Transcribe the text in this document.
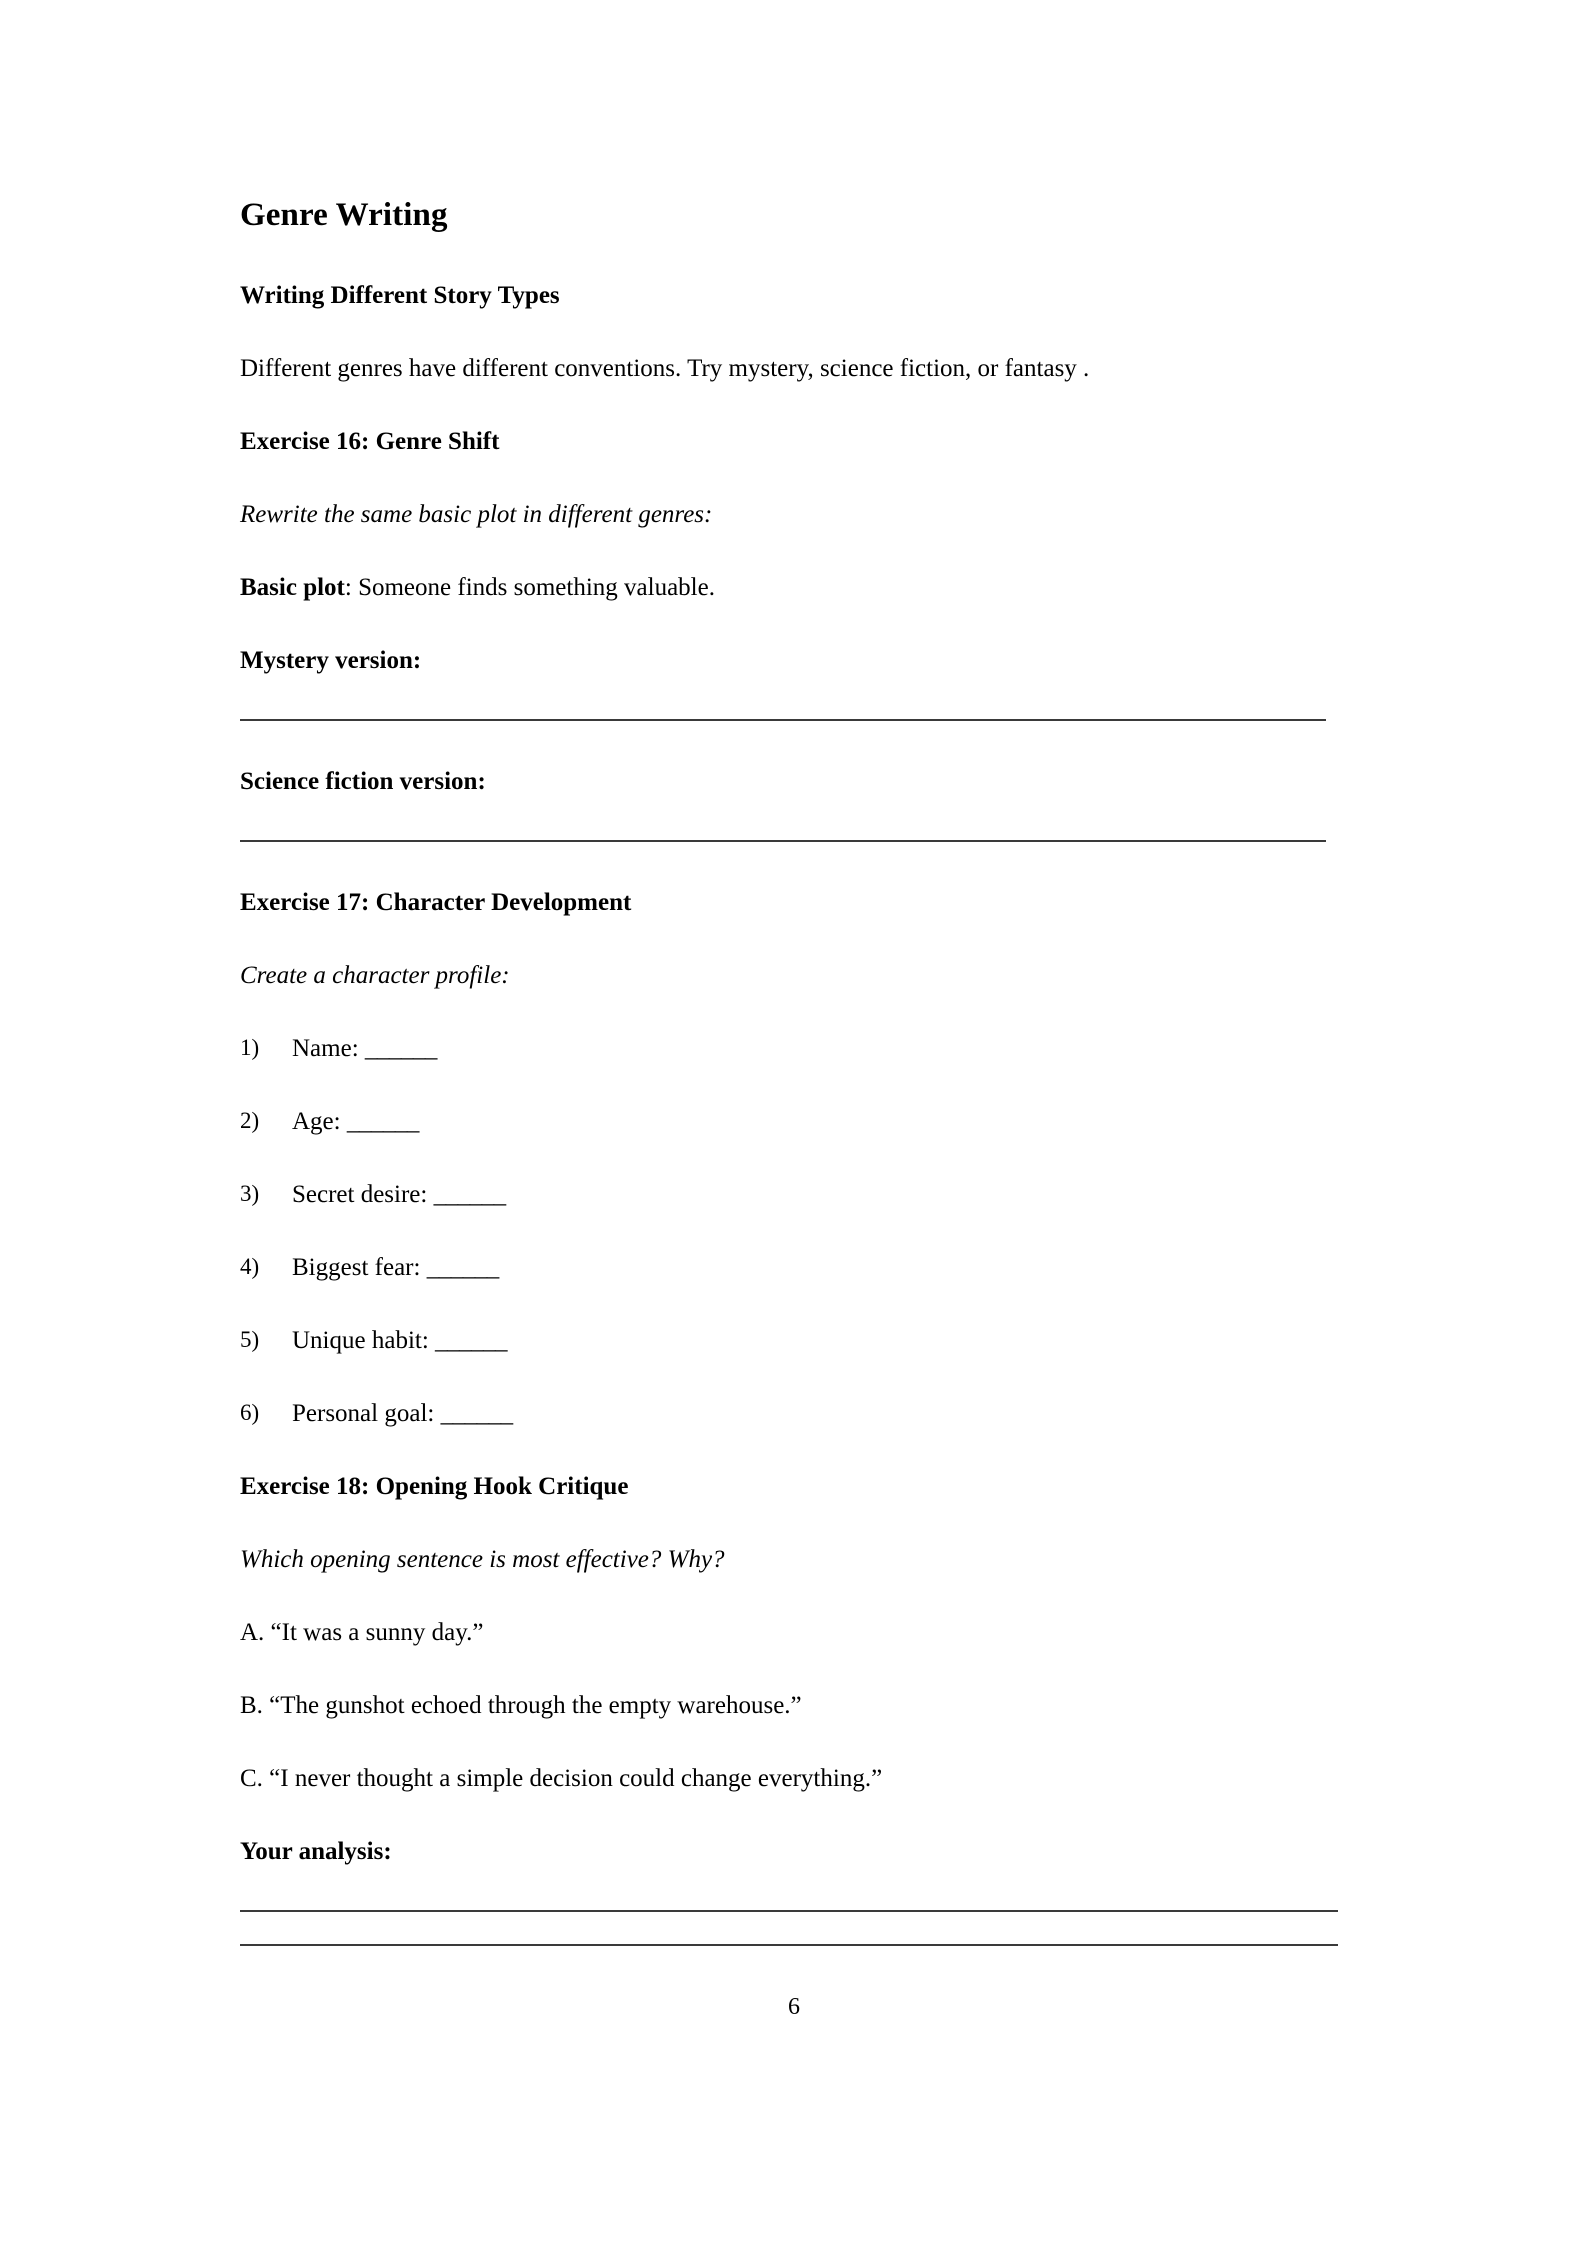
Genre Writing
Writing Different Story Types
Different genres have different conventions. Try mystery, science fiction, or fantasy .
Exercise 16: Genre Shift
Rewrite the same basic plot in different genres:
Basic plot: Someone finds something valuable.
Mystery version:
Science fiction version:
Exercise 17: Character Development
Create a character profile:
1) Name: ______
2) Age: ______
3) Secret desire: ______
4) Biggest fear: ______
5) Unique habit: ______
6) Personal goal: ______
Exercise 18: Opening Hook Critique
Which opening sentence is most effective? Why?
A. “It was a sunny day.”
B. “The gunshot echoed through the empty warehouse.”
C. “I never thought a simple decision could change everything.”
Your analysis:
6
